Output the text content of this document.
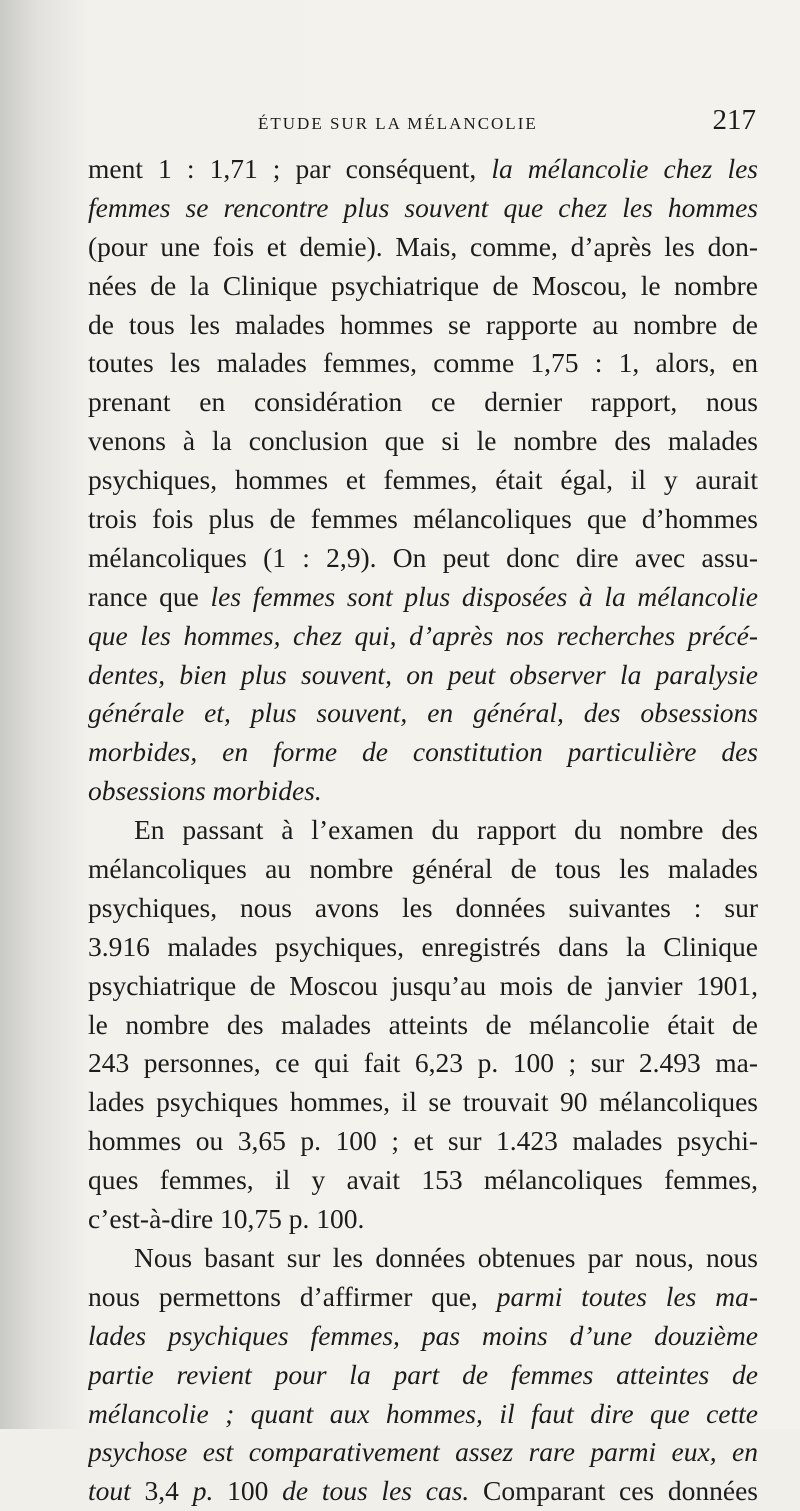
ÉTUDE SUR LA MÉLANCOLIE	217
ment 1 : 1,71 ; par conséquent, la mélancolie chez les
femmes se rencontre plus souvent que chez les hommes
(pour une fois et demie). Mais, comme, d’après les don-
nées de la Clinique psychiatrique de Moscou, le nombre
de tous les malades hommes se rapporte au nombre de
toutes les malades femmes, comme 1,75 : 1, alors, en
prenant en considération ce dernier rapport, nous
venons à la conclusion que si le nombre des malades
psychiques, hommes et femmes, était égal, il y aurait
trois fois plus de femmes mélancoliques que d’hommes
mélancoliques (1 : 2,9). On peut donc dire avec assu-
rance que les femmes sont plus disposées à la mélancolie
que les hommes, chez qui, d’après nos recherches précé-
dentes, bien plus souvent, on peut observer la paralysie
générale et, plus souvent, en général, des obsessions
morbides, en forme de constitution particulière des
obsessions morbides.
En passant à l’examen du rapport du nombre des
mélancoliques au nombre général de tous les malades
psychiques, nous avons les données suivantes : sur
3.916 malades psychiques, enregistrés dans la Clinique
psychiatrique de Moscou jusqu’au mois de janvier 1901,
le nombre des malades atteints de mélancolie était de
243 personnes, ce qui fait 6,23 p. 100 ; sur 2.493 ma-
lades psychiques hommes, il se trouvait 90 mélancoliques
hommes ou 3,65 p. 100 ; et sur 1.423 malades psychi-
ques femmes, il y avait 153 mélancoliques femmes,
c’est-à-dire 10,75 p. 100.
Nous basant sur les données obtenues par nous, nous
nous permettons d’affirmer que, parmi toutes les ma-
lades psychiques femmes, pas moins d’une douzième
partie revient pour la part de femmes atteintes de
mélancolie ; quant aux hommes, il faut dire que cette
psychose est comparativement assez rare parmi eux, en
tout 3,4 p. 100 de tous les cas. Comparant ces données
